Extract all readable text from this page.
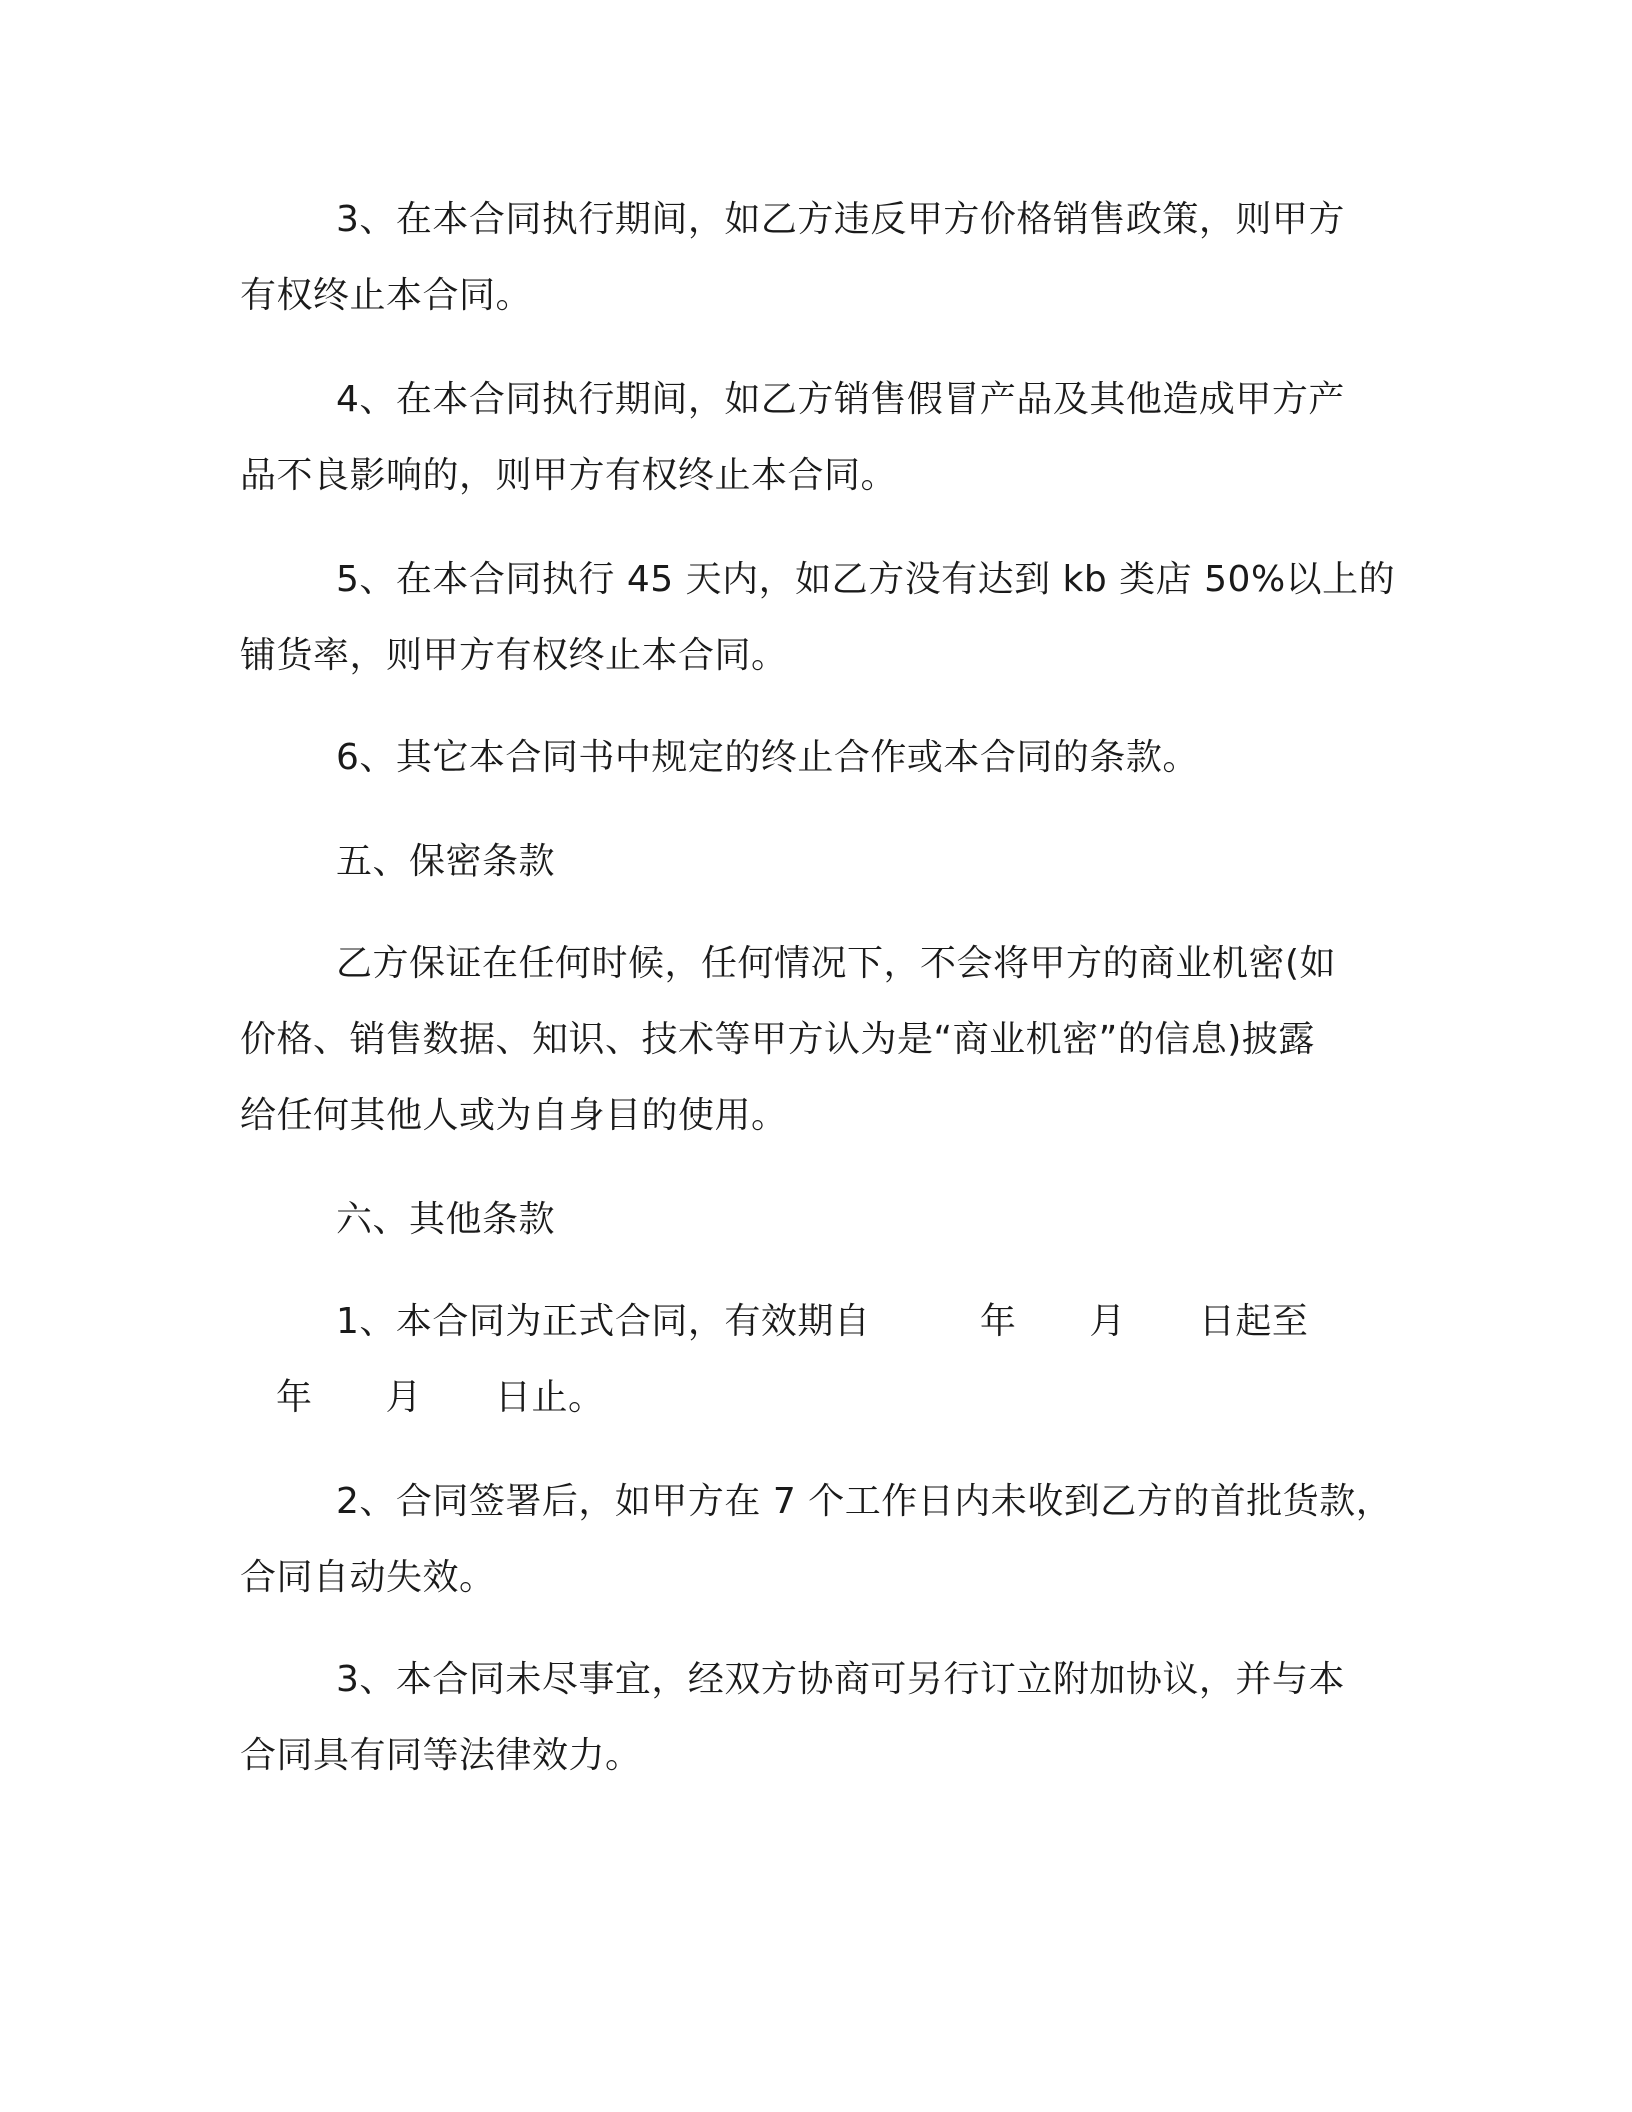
3、在本合同执行期间，如乙方违反甲方价格销售政策，则甲方

有权终止本合同。

4、在本合同执行期间，如乙方销售假冒产品及其他造成甲方产

品不良影响的，则甲方有权终止本合同。

5、在本合同执行 45 天内，如乙方没有达到 kb 类店 50%以上的

铺货率，则甲方有权终止本合同。

6、其它本合同书中规定的终止合作或本合同的条款。

五、保密条款

乙方保证在任何时候，任何情况下，不会将甲方的商业机密(如

价格、销售数据、知识、技术等甲方认为是“商业机密”的信息)披露

给任何其他人或为自身目的使用。

六、其他条款

1、本合同为正式合同，有效期自　　　年　　月　　日起至

年　　月　　日止。

2、合同签署后，如甲方在 7 个工作日内未收到乙方的首批货款，

合同自动失效。

3、本合同未尽事宜，经双方协商可另行订立附加协议，并与本

合同具有同等法律效力。
